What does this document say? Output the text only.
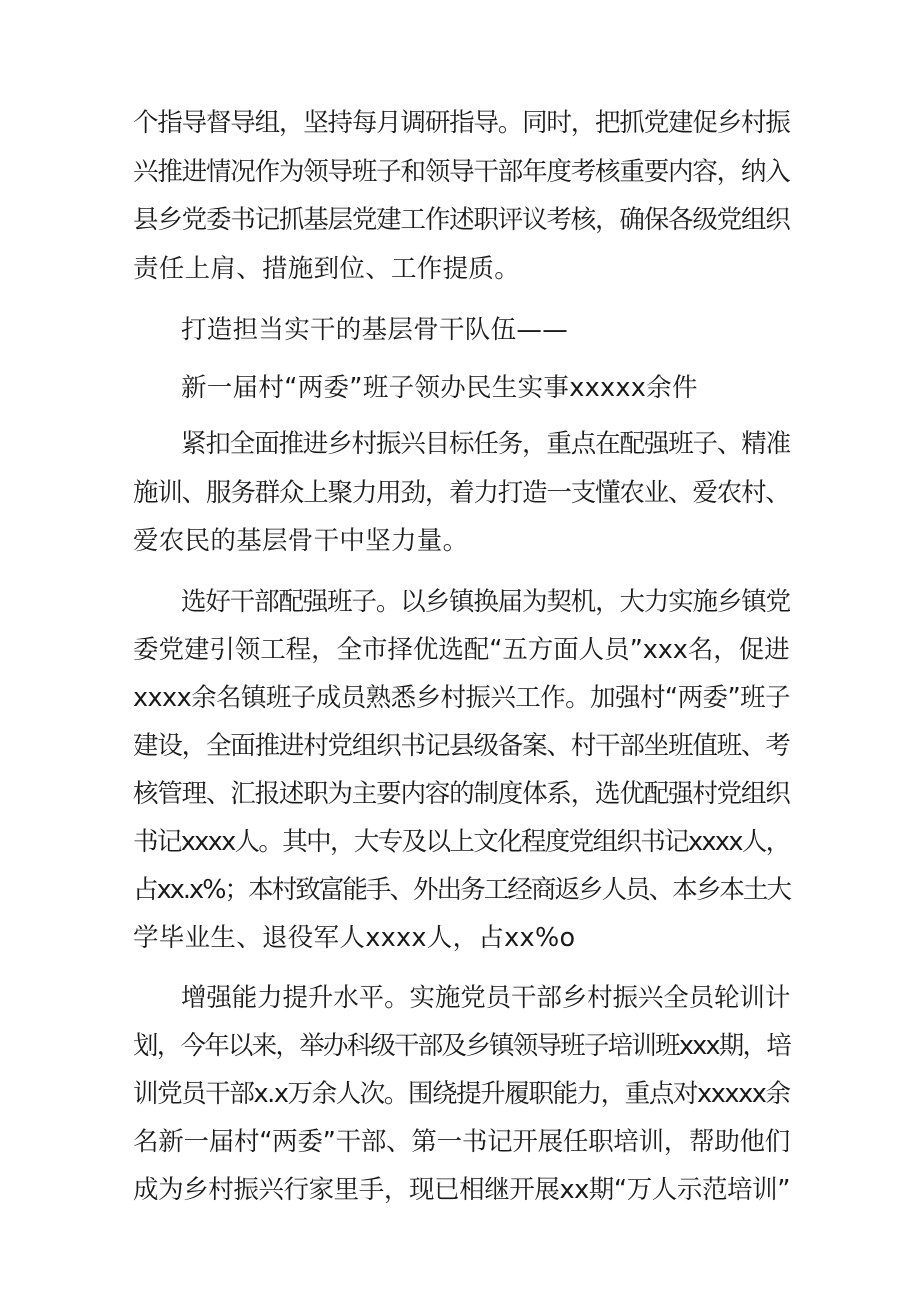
个指导督导组，坚持每月调研指导。同时，把抓党建促乡村振
兴推进情况作为领导班子和领导干部年度考核重要内容，纳入
县乡党委书记抓基层党建工作述职评议考核，确保各级党组织
责任上肩、措施到位、工作提质。
打造担当实干的基层骨干队伍——
新一届村“两委”班子领办民生实事xxxxx余件
紧扣全面推进乡村振兴目标任务，重点在配强班子、精准
施训、服务群众上聚力用劲，着力打造一支懂农业、爱农村、
爱农民的基层骨干中坚力量。
选好干部配强班子。以乡镇换届为契机，大力实施乡镇党
委党建引领工程，全市择优选配“五方面人员”xxx名，促进
xxxx余名镇班子成员熟悉乡村振兴工作。加强村“两委”班子
建设，全面推进村党组织书记县级备案、村干部坐班值班、考
核管理、汇报述职为主要内容的制度体系，选优配强村党组织
书记xxxx人。其中，大专及以上文化程度党组织书记xxxx人，
占xx.x%；本村致富能手、外出务工经商返乡人员、本乡本土大
学毕业生、退役军人xxxx人，占xx%o
增强能力提升水平。实施党员干部乡村振兴全员轮训计
划，今年以来，举办科级干部及乡镇领导班子培训班xxx期，培
训党员干部x.x万余人次。围绕提升履职能力，重点对xxxxx余
名新一届村“两委”干部、第一书记开展任职培训，帮助他们
成为乡村振兴行家里手，现已相继开展xx期“万人示范培训”
